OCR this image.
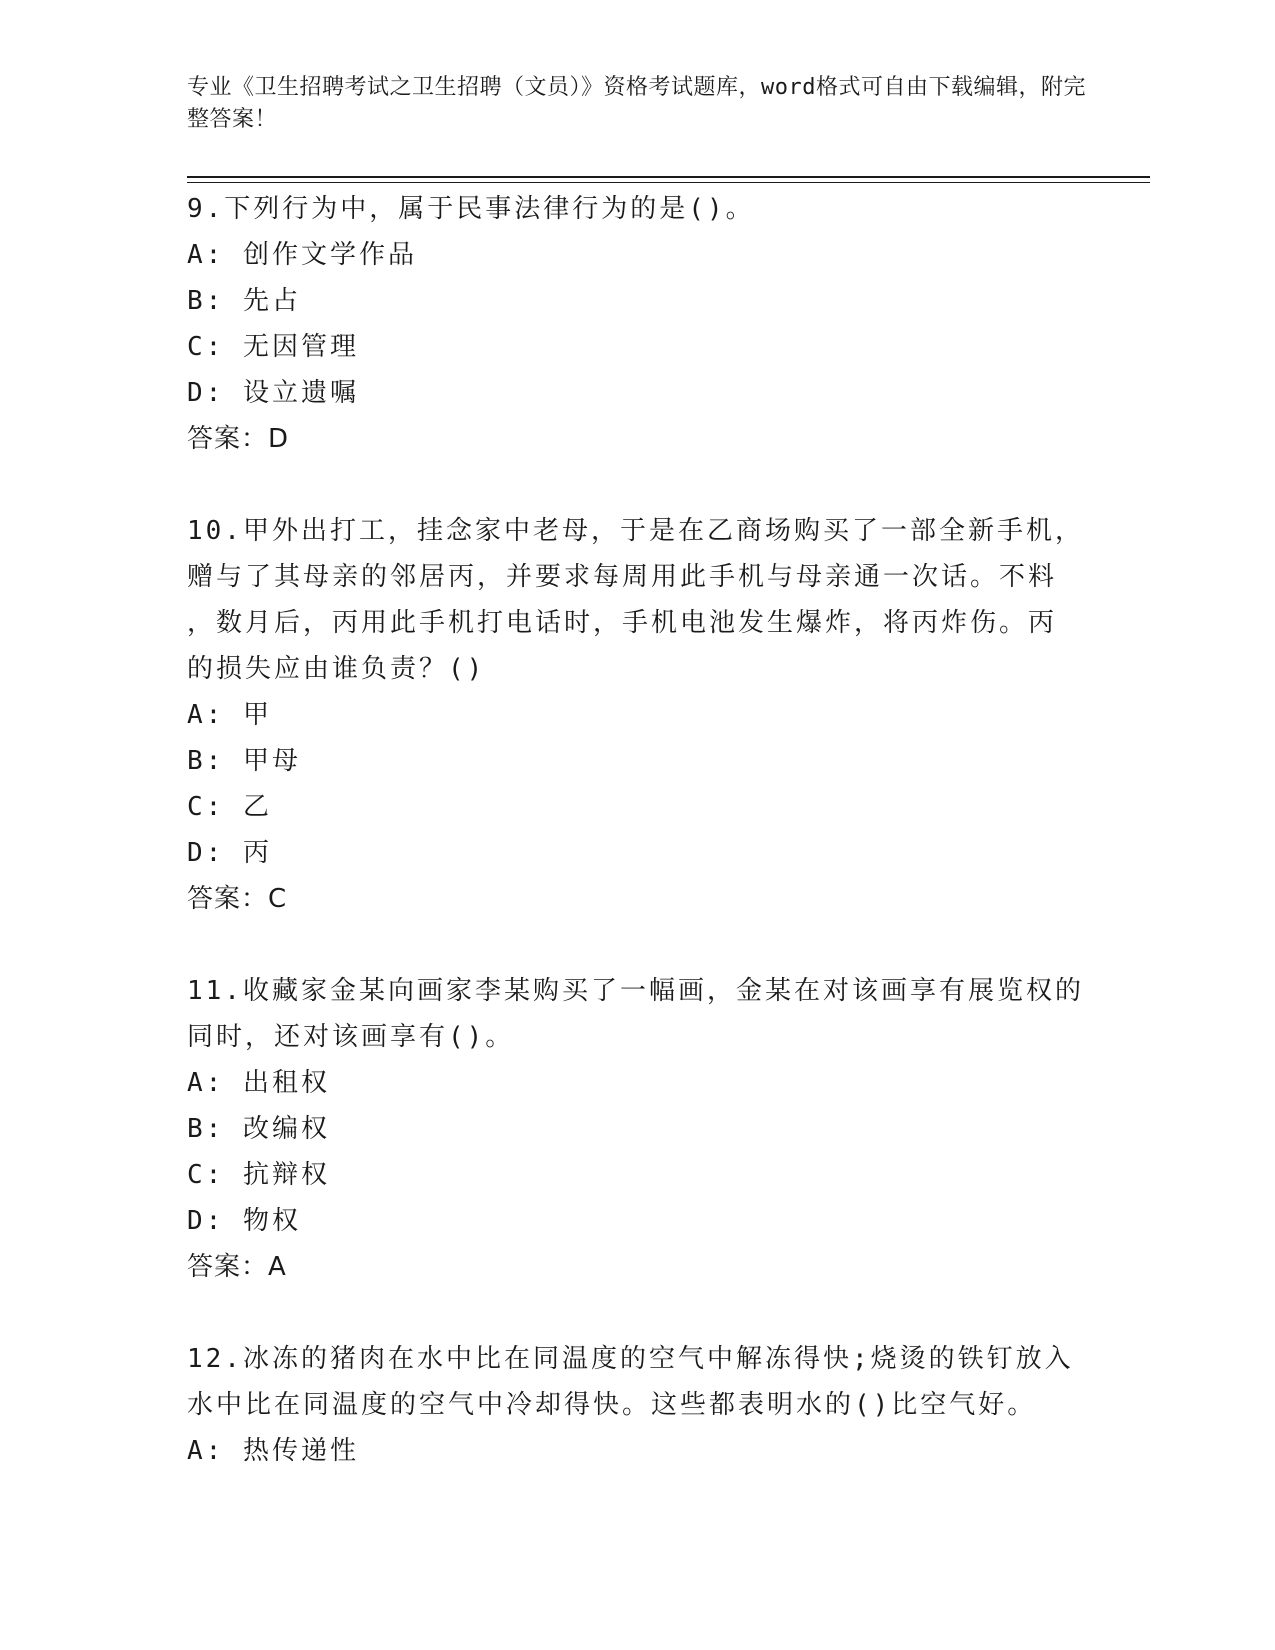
专业《卫生招聘考试之卫生招聘（文员）》资格考试题库，word格式可自由下载编辑，附完整答案！
9.下列行为中，属于民事法律行为的是()。
A: 创作文学作品
B: 先占
C: 无因管理
D: 设立遗嘱
答案：D
10.甲外出打工，挂念家中老母，于是在乙商场购买了一部全新手机，
赠与了其母亲的邻居丙，并要求每周用此手机与母亲通一次话。不料
，数月后，丙用此手机打电话时，手机电池发生爆炸，将丙炸伤。丙
的损失应由谁负责？()
A: 甲
B: 甲母
C: 乙
D: 丙
答案：C
11.收藏家金某向画家李某购买了一幅画，金某在对该画享有展览权的
同时，还对该画享有()。
A: 出租权
B: 改编权
C: 抗辩权
D: 物权
答案：A
12.冰冻的猪肉在水中比在同温度的空气中解冻得快;烧烫的铁钉放入
水中比在同温度的空气中冷却得快。这些都表明水的()比空气好。
A: 热传递性
